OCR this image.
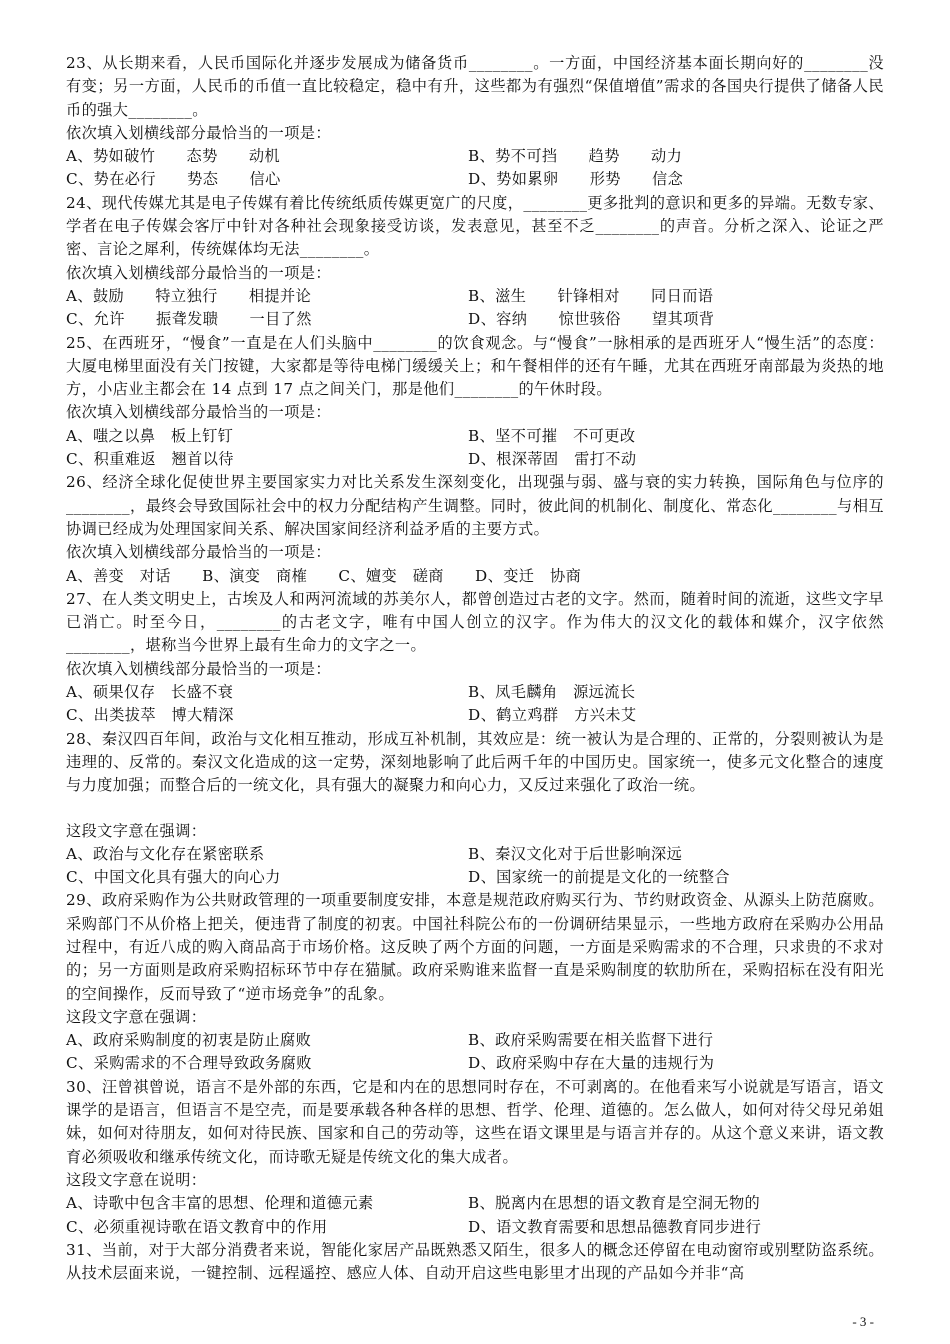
23、从长期来看，人民币国际化并逐步发展成为储备货币________。一方面，中国经济基本面长期向好的________没有变；另一方面，人民币的币值一直比较稳定，稳中有升，这些都为有强烈“保值增值”需求的各国央行提供了储备人民币的强大________。

依次填入划横线部分最恰当的一项是：

A、势如破竹　　态势　　动机	B、势不可挡　　趋势　　动力
C、势在必行　　势态　　信心	D、势如累卵　　形势　　信念

24、现代传媒尤其是电子传媒有着比传统纸质传媒更宽广的尺度，________更多批判的意识和更多的异端。无数专家、学者在电子传媒会客厅中针对各种社会现象接受访谈，发表意见，甚至不乏________的声音。分析之深入、论证之严密、言论之犀利，传统媒体均无法________。

依次填入划横线部分最恰当的一项是：

A、鼓励　　特立独行　　相提并论	B、滋生　　针锋相对　　同日而语
C、允许　　振聋发聩　　一目了然	D、容纳　　惊世骇俗　　望其项背

25、在西班牙，“慢食”一直是在人们头脑中________的饮食观念。与“慢食”一脉相承的是西班牙人“慢生活”的态度：大厦电梯里面没有关门按键，大家都是等待电梯门缓缓关上；和午餐相伴的还有午睡，尤其在西班牙南部最为炎热的地方，小店业主都会在 14 点到 17 点之间关门，那是他们________的午休时段。

依次填入划横线部分最恰当的一项是：

A、嗤之以鼻　板上钉钉	B、坚不可摧　不可更改
C、积重难返　翘首以待	D、根深蒂固　雷打不动

26、经济全球化促使世界主要国家实力对比关系发生深刻变化，出现强与弱、盛与衰的实力转换，国际角色与位序的________，最终会导致国际社会中的权力分配结构产生调整。同时，彼此间的机制化、制度化、常态化________与相互协调已经成为处理国家间关系、解决国家间经济利益矛盾的主要方式。

依次填入划横线部分最恰当的一项是：

A、善变　对话　　B、演变　商榷　　C、嬗变　磋商　　D、变迁　协商

27、在人类文明史上，古埃及人和两河流域的苏美尔人，都曾创造过古老的文字。然而，随着时间的流逝，这些文字早已消亡。时至今日，________的古老文字，唯有中国人创立的汉字。作为伟大的汉文化的载体和媒介，汉字依然________，堪称当今世界上最有生命力的文字之一。

依次填入划横线部分最恰当的一项是：

A、硕果仅存　长盛不衰	B、凤毛麟角　源远流长
C、出类拔萃　博大精深	D、鹤立鸡群　方兴未艾

28、秦汉四百年间，政治与文化相互推动，形成互补机制，其效应是：统一被认为是合理的、正常的，分裂则被认为是违理的、反常的。秦汉文化造成的这一定势，深刻地影响了此后两千年的中国历史。国家统一，使多元文化整合的速度与力度加强；而整合后的一统文化，具有强大的凝聚力和向心力，又反过来强化了政治一统。

这段文字意在强调：

A、政治与文化存在紧密联系	B、秦汉文化对于后世影响深远
C、中国文化具有强大的向心力	D、国家统一的前提是文化的一统整合

29、政府采购作为公共财政管理的一项重要制度安排，本意是规范政府购买行为、节约财政资金、从源头上防范腐败。采购部门不从价格上把关，便违背了制度的初衷。中国社科院公布的一份调研结果显示，一些地方政府在采购办公用品过程中，有近八成的购入商品高于市场价格。这反映了两个方面的问题，一方面是采购需求的不合理，只求贵的不求对的；另一方面则是政府采购招标环节中存在猫腻。政府采购谁来监督一直是采购制度的软肋所在，采购招标在没有阳光的空间操作，反而导致了“逆市场竞争”的乱象。

这段文字意在强调：

A、政府采购制度的初衷是防止腐败	B、政府采购需要在相关监督下进行
C、采购需求的不合理导致政务腐败	D、政府采购中存在大量的违规行为

30、汪曾祺曾说，语言不是外部的东西，它是和内在的思想同时存在，不可剥离的。在他看来写小说就是写语言，语文课学的是语言，但语言不是空壳，而是要承载各种各样的思想、哲学、伦理、道德的。怎么做人，如何对待父母兄弟姐妹，如何对待朋友，如何对待民族、国家和自己的劳动等，这些在语文课里是与语言并存的。从这个意义来讲，语文教育必须吸收和继承传统文化，而诗歌无疑是传统文化的集大成者。

这段文字意在说明：

A、诗歌中包含丰富的思想、伦理和道德元素	B、脱离内在思想的语文教育是空洞无物的
C、必须重视诗歌在语文教育中的作用	D、语文教育需要和思想品德教育同步进行

31、当前，对于大部分消费者来说，智能化家居产品既熟悉又陌生，很多人的概念还停留在电动窗帘或别墅防盗系统。从技术层面来说，一键控制、远程遥控、感应人体、自动开启这些电影里才出现的产品如今并非“高

- 3 -
